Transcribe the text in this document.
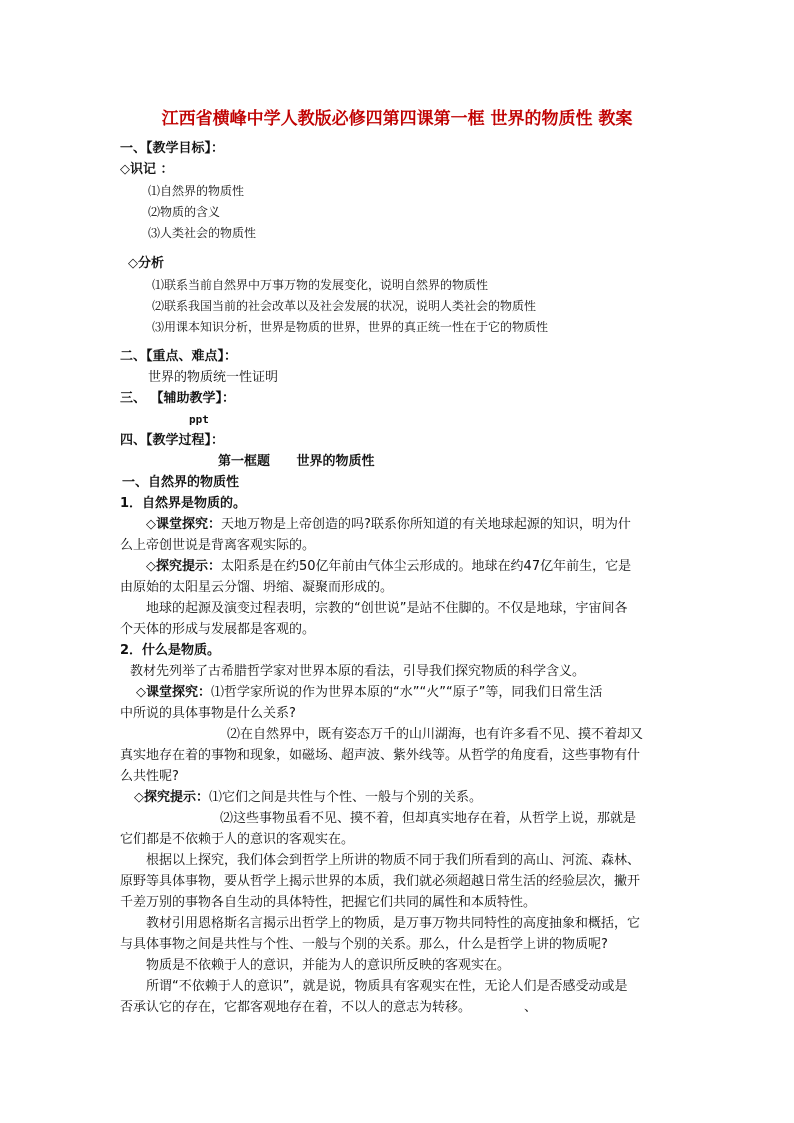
江西省横峰中学人教版必修四第四课第一框 世界的物质性 教案
一、【教学目标】：
◇识记 ：
⑴自然界的物质性
⑵物质的含义
⑶人类社会的物质性
◇分析
⑴联系当前自然界中万事万物的发展变化，说明自然界的物质性
⑵联系我国当前的社会改革以及社会发展的状况，说明人类社会的物质性
⑶用课本知识分析，世界是物质的世界，世界的真正统一性在于它的物质性
二、【重点、难点】：
世界的物质统一性证明
三、 【辅助教学】：
ppt
四、【教学过程】：
第一框题 世界的物质性
一、自然界的物质性
1．自然界是物质的。
◇课堂探究：天地万物是上帝创造的吗?联系你所知道的有关地球起源的知识，明为什
么上帝创世说是背离客观实际的。
◇探究提示：太阳系是在约50亿年前由气体尘云形成的。地球在约47亿年前生，它是
由原始的太阳星云分馏、坍缩、凝聚而形成的。
地球的起源及演变过程表明，宗教的“创世说”是站不住脚的。不仅是地球，宇宙间各
个天体的形成与发展都是客观的。
2．什么是物质。
教材先列举了古希腊哲学家对世界本原的看法，引导我们探究物质的科学含义。
◇课堂探究：⑴哲学家所说的作为世界本原的“水”“火”“原子”等，同我们日常生活
中所说的具体事物是什么关系?
⑵在自然界中，既有姿态万千的山川湖海，也有许多看不见、摸不着却又
真实地存在着的事物和现象，如磁场、超声波、紫外线等。从哲学的角度看，这些事物有什
么共性呢?
◇探究提示：⑴它们之间是共性与个性、一般与个别的关系。
⑵这些事物虽看不见、摸不着，但却真实地存在着，从哲学上说，那就是
它们都是不依赖于人的意识的客观实在。
根据以上探究，我们体会到哲学上所讲的物质不同于我们所看到的高山、河流、森林、
原野等具体事物，要从哲学上揭示世界的本质，我们就必须超越日常生活的经验层次，撇开
千差万别的事物各自生动的具体特性，把握它们共同的属性和本质特性。
教材引用恩格斯名言揭示出哲学上的物质，是万事万物共同特性的高度抽象和概括，它
与具体事物之间是共性与个性、一般与个别的关系。那么，什么是哲学上讲的物质呢?
物质是不依赖于人的意识，并能为人的意识所反映的客观实在。
所谓“不依赖于人的意识”，就是说，物质具有客观实在性，无论人们是否感受动或是
否承认它的存在，它都客观地存在着，不以人的意志为转移。	、
